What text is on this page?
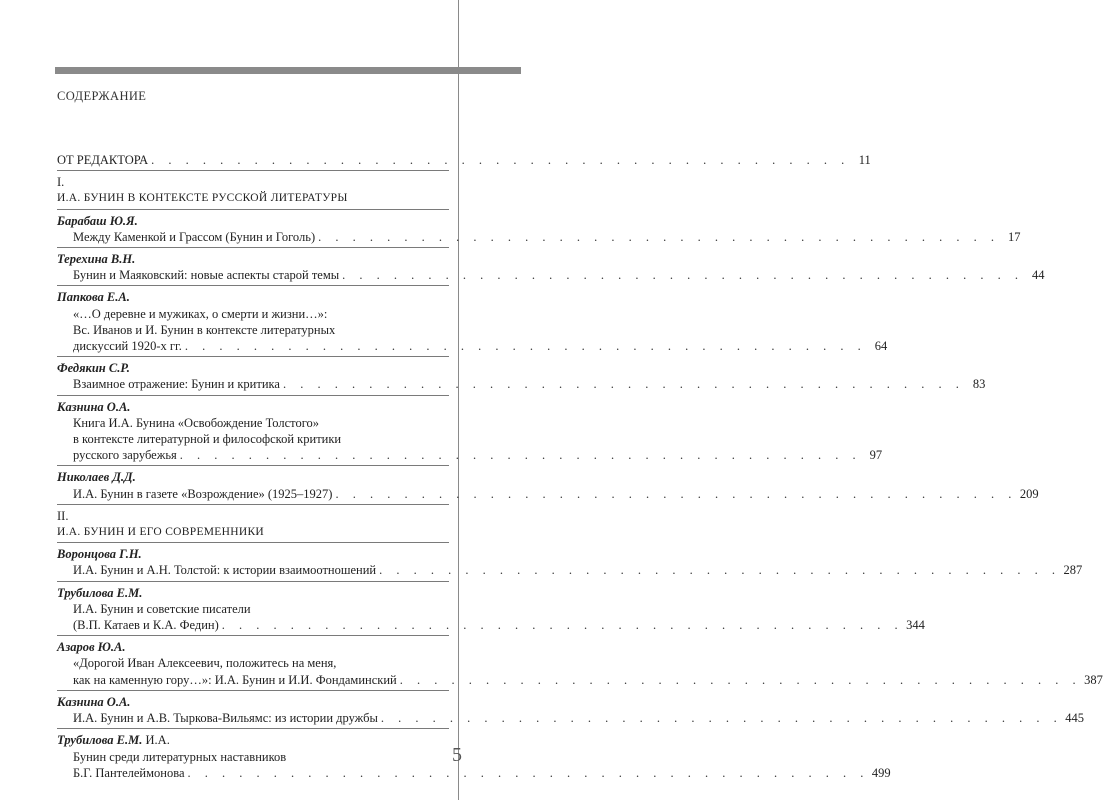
СОДЕРЖАНИЕ
ОТ РЕДАКТОРА . . . . . . . . . . . . . . . . . . . . . . . . . . . . . . . . . . . . . . . . . 11
I.
И.А. БУНИН В КОНТЕКСТЕ РУССКОЙ ЛИТЕРАТУРЫ
Барабаш Ю.Я.
Между Каменкой и Грассом (Бунин и Гоголь) . . . . . . . . . . . . . . . . . . . . . . . . . . . . . . . . . . . . . . . . 17
Терехина В.Н.
Бунин и Маяковский: новые аспекты старой темы . . . . . . . . . . . . . . . . . . . . . . . . . . . . . . . . . . . . . . . . 44
Папкова Е.А.
«…О деревне и мужиках, о смерти и жизни…»:
Вс. Иванов и И. Бунин в контексте литературных
дискуссий 1920-х гг. . . . . . . . . . . . . . . . . . . . . . . . . . . . . . . . . . . . . . . . . 64
Федякин С.Р.
Взаимное отражение: Бунин и критика . . . . . . . . . . . . . . . . . . . . . . . . . . . . . . . . . . . . . . . . 83
Казнина О.А.
Книга И.А. Бунина «Освобождение Толстого»
в контексте литературной и философской критики
русского зарубежья . . . . . . . . . . . . . . . . . . . . . . . . . . . . . . . . . . . . . . . . 97
Николаев Д.Д.
И.А. Бунин в газете «Возрождение» (1925–1927) . . . . . . . . . . . . . . . . . . . . . . . . . . . . . . . . . . . . . . . . 209
II.
И.А. БУНИН И ЕГО СОВРЕМЕННИКИ
Воронцова Г.Н.
И.А. Бунин и А.Н. Толстой: к истории взаимоотношений . . . . . . . . . . . . . . . . . . . . . . . . . . . . . . . . . . . . . . . . 287
Трубилова Е.М.
И.А. Бунин и советские писатели
(В.П. Катаев и К.А. Федин) . . . . . . . . . . . . . . . . . . . . . . . . . . . . . . . . . . . . . . . . 344
Азаров Ю.А.
«Дорогой Иван Алексеевич, положитесь на меня,
как на каменную гору…»: И.А. Бунин и И.И. Фондаминский . . . . . . . . . . . . . . . . . . . . . . . . . . . . . . . . . . . . . . . . 387
Казнина О.А.
И.А. Бунин и А.В. Тыркова-Вильямс: из истории дружбы . . . . . . . . . . . . . . . . . . . . . . . . . . . . . . . . . . . . . . . . 445
Трубилова Е.М. И.А.
Бунин среди литературных наставников
Б.Г. Пантелеймонова . . . . . . . . . . . . . . . . . . . . . . . . . . . . . . . . . . . . . . . . 499
5
